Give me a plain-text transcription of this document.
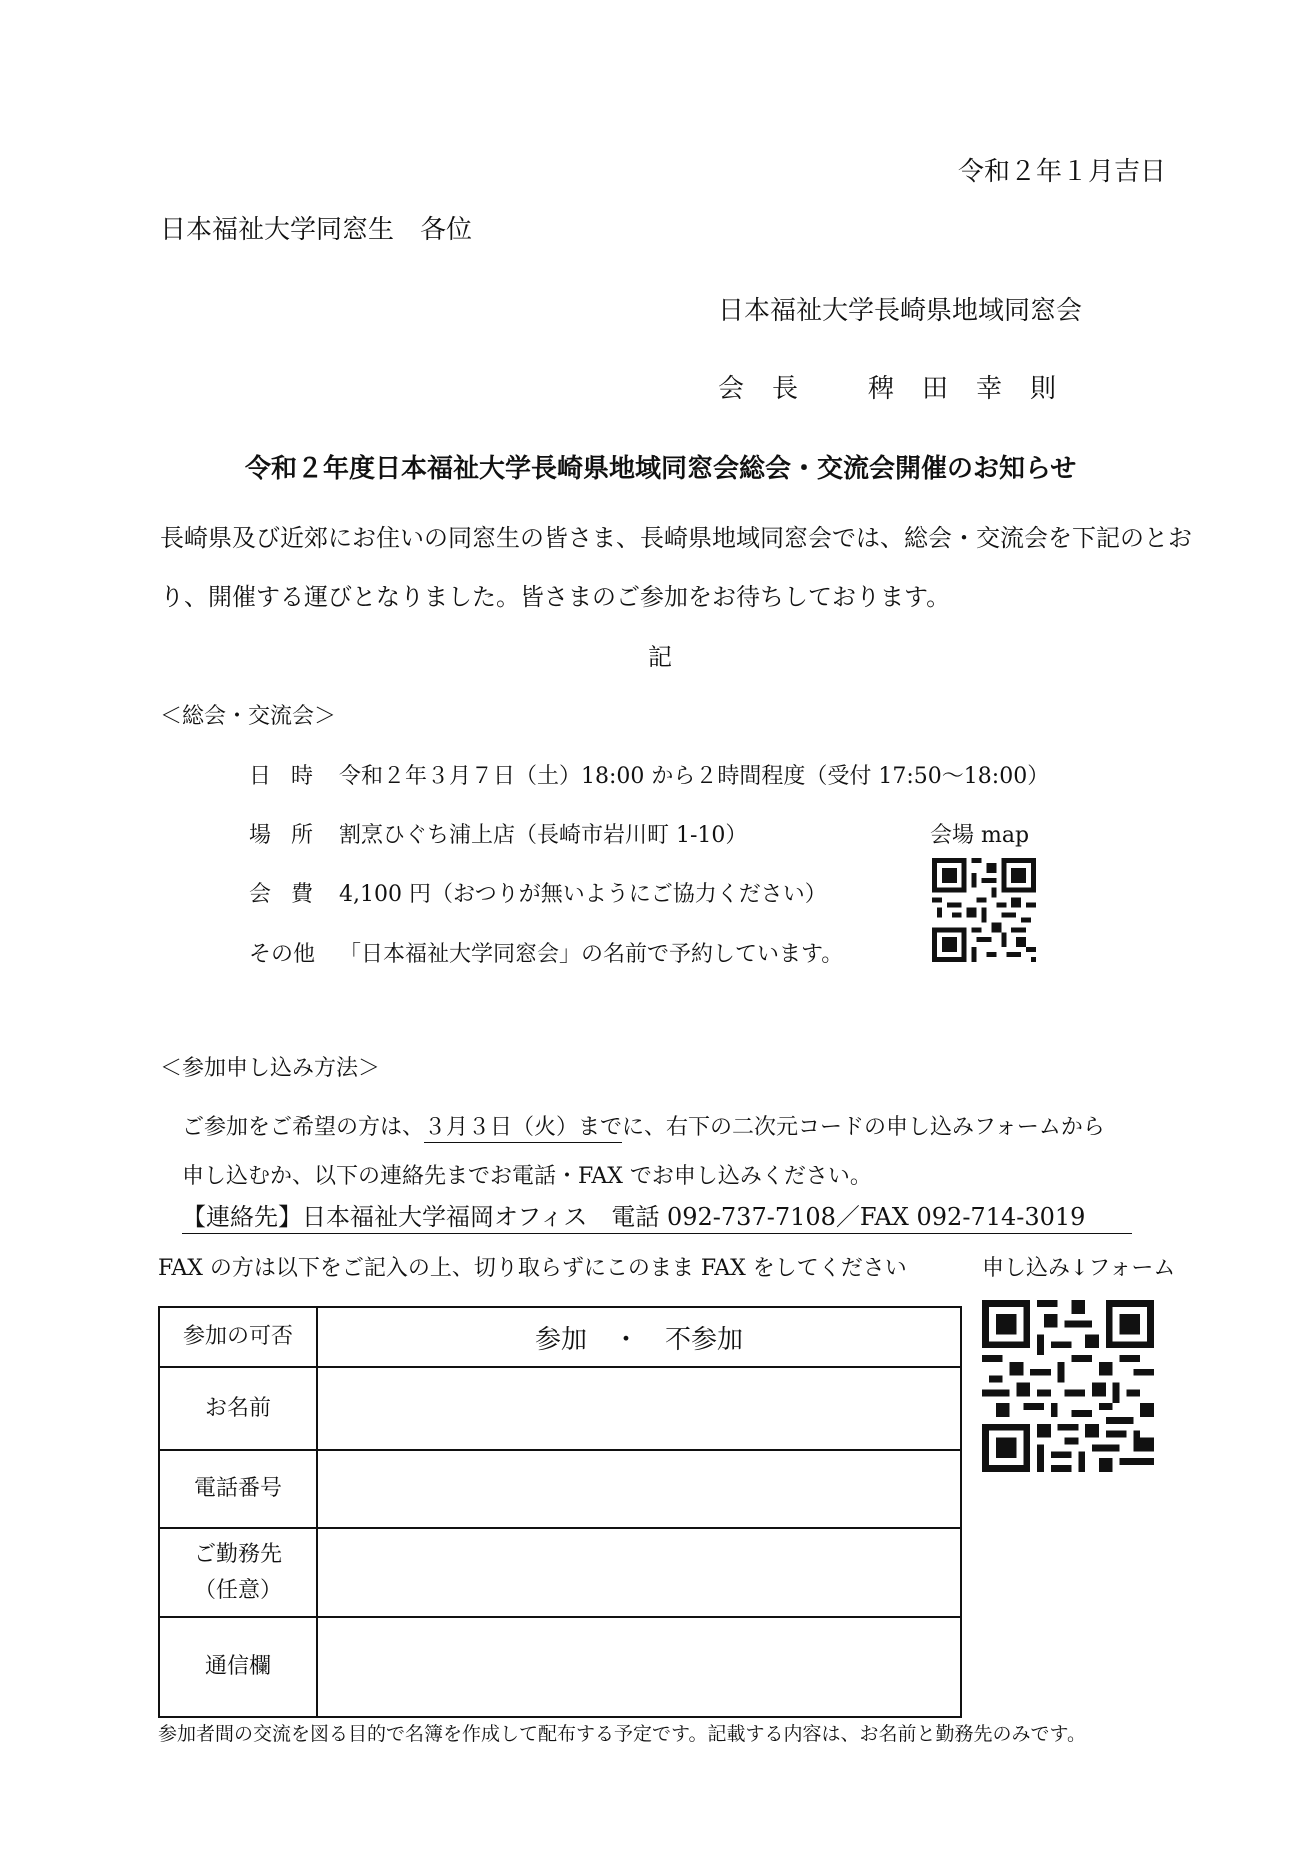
令和２年１月吉日
日本福祉大学同窓生　各位
日本福祉大学長崎県地域同窓会
会長 稗田幸則
令和２年度日本福祉大学長崎県地域同窓会総会・交流会開催のお知らせ
長崎県及び近郊にお住いの同窓生の皆さま、長崎県地域同窓会では、総会・交流会を下記のとお
り、開催する運びとなりました。皆さまのご参加をお待ちしております。
記
＜総会・交流会＞
日時 令和２年３月７日（土）18:00 から２時間程度（受付 17:50～18:00）
場所 割烹ひぐち浦上店（長崎市岩川町 1-10）
会費 4,100 円（おつりが無いようにご協力ください）
その他 「日本福祉大学同窓会」の名前で予約しています。
会場 map
＜参加申し込み方法＞
ご参加をご希望の方は、３月３日（火）までに、右下の二次元コードの申し込みフォームから
申し込むか、以下の連絡先までお電話・FAX でお申し込みください。
【連絡先】日本福祉大学福岡オフィス　電話 092-737-7108／FAX 092-714-3019
FAX の方は以下をご記入の上、切り取らずにこのまま FAX をしてください	申し込み↓フォーム
参加の可否	参加　・　不参加
お名前	
電話番号	

ご勤務先
（任意）	

通信欄	
参加者間の交流を図る目的で名簿を作成して配布する予定です。記載する内容は、お名前と勤務先のみです。
